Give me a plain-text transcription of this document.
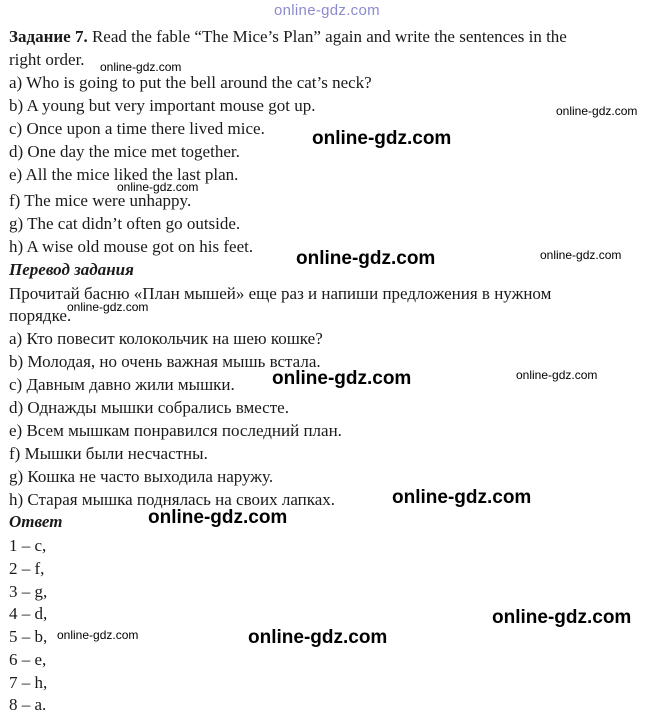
Задание 7. Read the fable “The Mice’s Plan” again and write the sentences in the
right order.
a) Who is going to put the bell around the cat’s neck?
b) A young but very important mouse got up.
c) Once upon a time there lived mice.
d) One day the mice met together.
e) All the mice liked the last plan.
f) The mice were unhappy.
g) The cat didn’t often go outside.
h) A wise old mouse got on his feet.
Перевод задания
Прочитай басню «План мышей» еще раз и напиши предложения в нужном
порядке.
a) Кто повесит колокольчик на шею кошке?
b) Молодая, но очень важная мышь встала.
c) Давным давно жили мышки.
d) Однажды мышки собрались вместе.
e) Всем мышкам понравился последний план.
f) Мышки были несчастны.
g) Кошка не часто выходила наружу.
h) Старая мышка поднялась на своих лапках.
Ответ
1 – c,
2 – f,
3 – g,
4 – d,
5 – b,
6 – e,
7 – h,
8 – a.
online-gdz.com
online-gdz.com
online-gdz.com
online-gdz.com
online-gdz.com
online-gdz.com
online-gdz.com
online-gdz.com
online-gdz.com	online-gdz.com
online-gdz.com
online-gdz.com
online-gdz.com
online-gdz.com	online-gdz.com
